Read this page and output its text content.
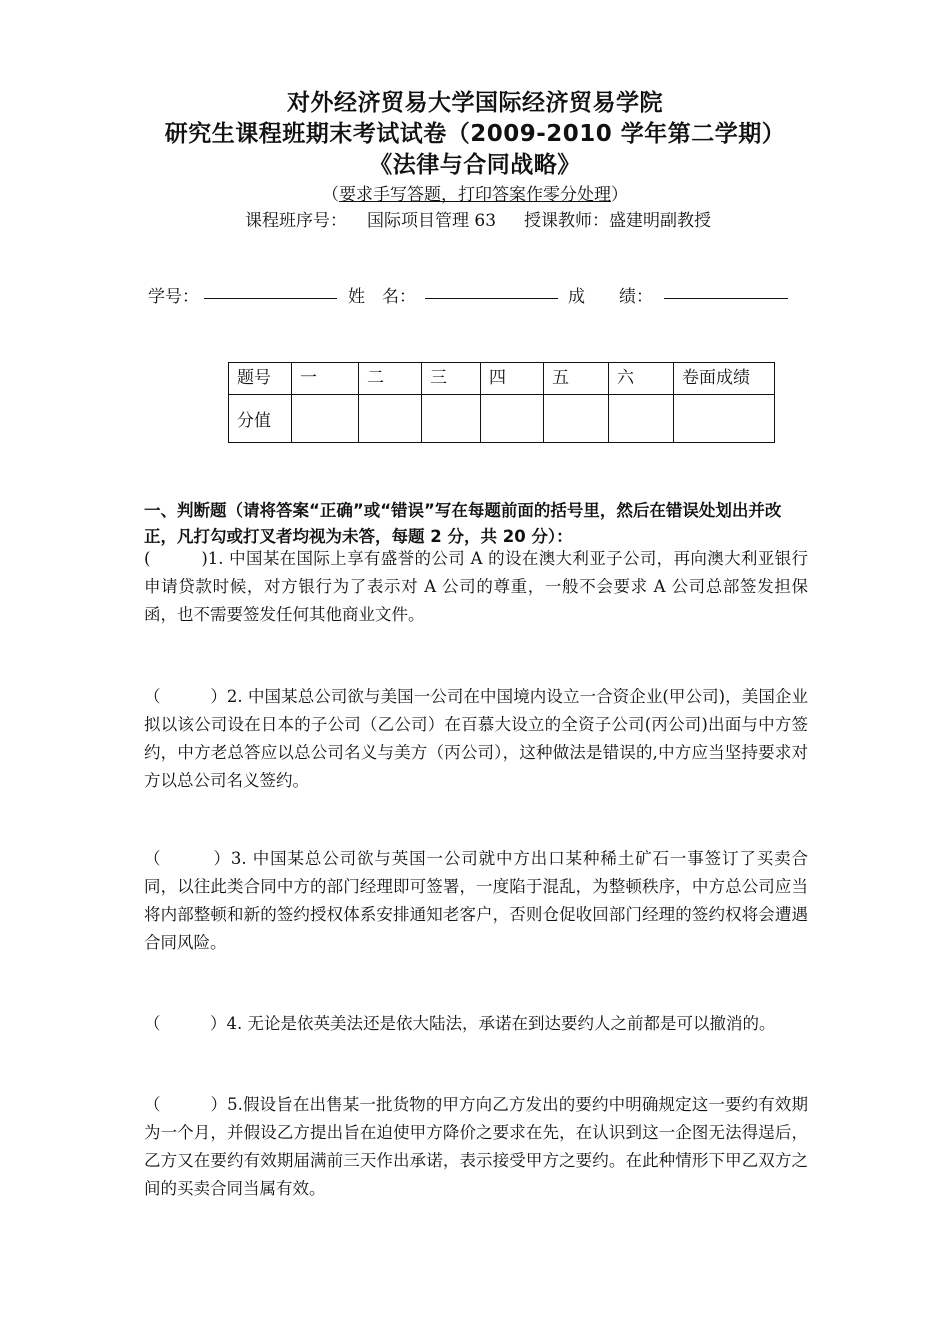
对外经济贸易大学国际经济贸易学院
研究生课程班期末考试试卷（2009-2010 学年第二学期）
《法律与合同战略》
（要求手写答题，打印答案作零分处理）
课程班序号： 国际项目管理 63 授课教师：盛建明副教授
学号：	姓　名：	成　　绩：
题号	一	二	三	四	五	六	卷面成绩
分值							
一、判断题（请将答案“正确”或“错误”写在每题前面的括号里，然后在错误处划出并改正，凡打勾或打叉者均视为未答，每题 2 分，共 20 分）：
(　　　)1. 中国某在国际上享有盛誉的公司 A 的设在澳大利亚子公司，再向澳大利亚银行申请贷款时候，对方银行为了表示对 A 公司的尊重，一般不会要求 A 公司总部签发担保函，也不需要签发任何其他商业文件。
（　　　）2. 中国某总公司欲与美国一公司在中国境内设立一合资企业(甲公司)，美国企业拟以该公司设在日本的子公司（乙公司）在百慕大设立的全资子公司(丙公司)出面与中方签约，中方老总答应以总公司名义与美方（丙公司），这种做法是错误的,中方应当坚持要求对方以总公司名义签约。
（　　　）3. 中国某总公司欲与英国一公司就中方出口某种稀土矿石一事签订了买卖合同，以往此类合同中方的部门经理即可签署，一度陷于混乱，为整顿秩序，中方总公司应当将内部整顿和新的签约授权体系安排通知老客户，否则仓促收回部门经理的签约权将会遭遇合同风险。
（　　　）4. 无论是依英美法还是依大陆法，承诺在到达要约人之前都是可以撤消的。
（　　　）5.假设旨在出售某一批货物的甲方向乙方发出的要约中明确规定这一要约有效期为一个月，并假设乙方提出旨在迫使甲方降价之要求在先，在认识到这一企图无法得逞后，乙方又在要约有效期届满前三天作出承诺，表示接受甲方之要约。在此种情形下甲乙双方之间的买卖合同当属有效。
